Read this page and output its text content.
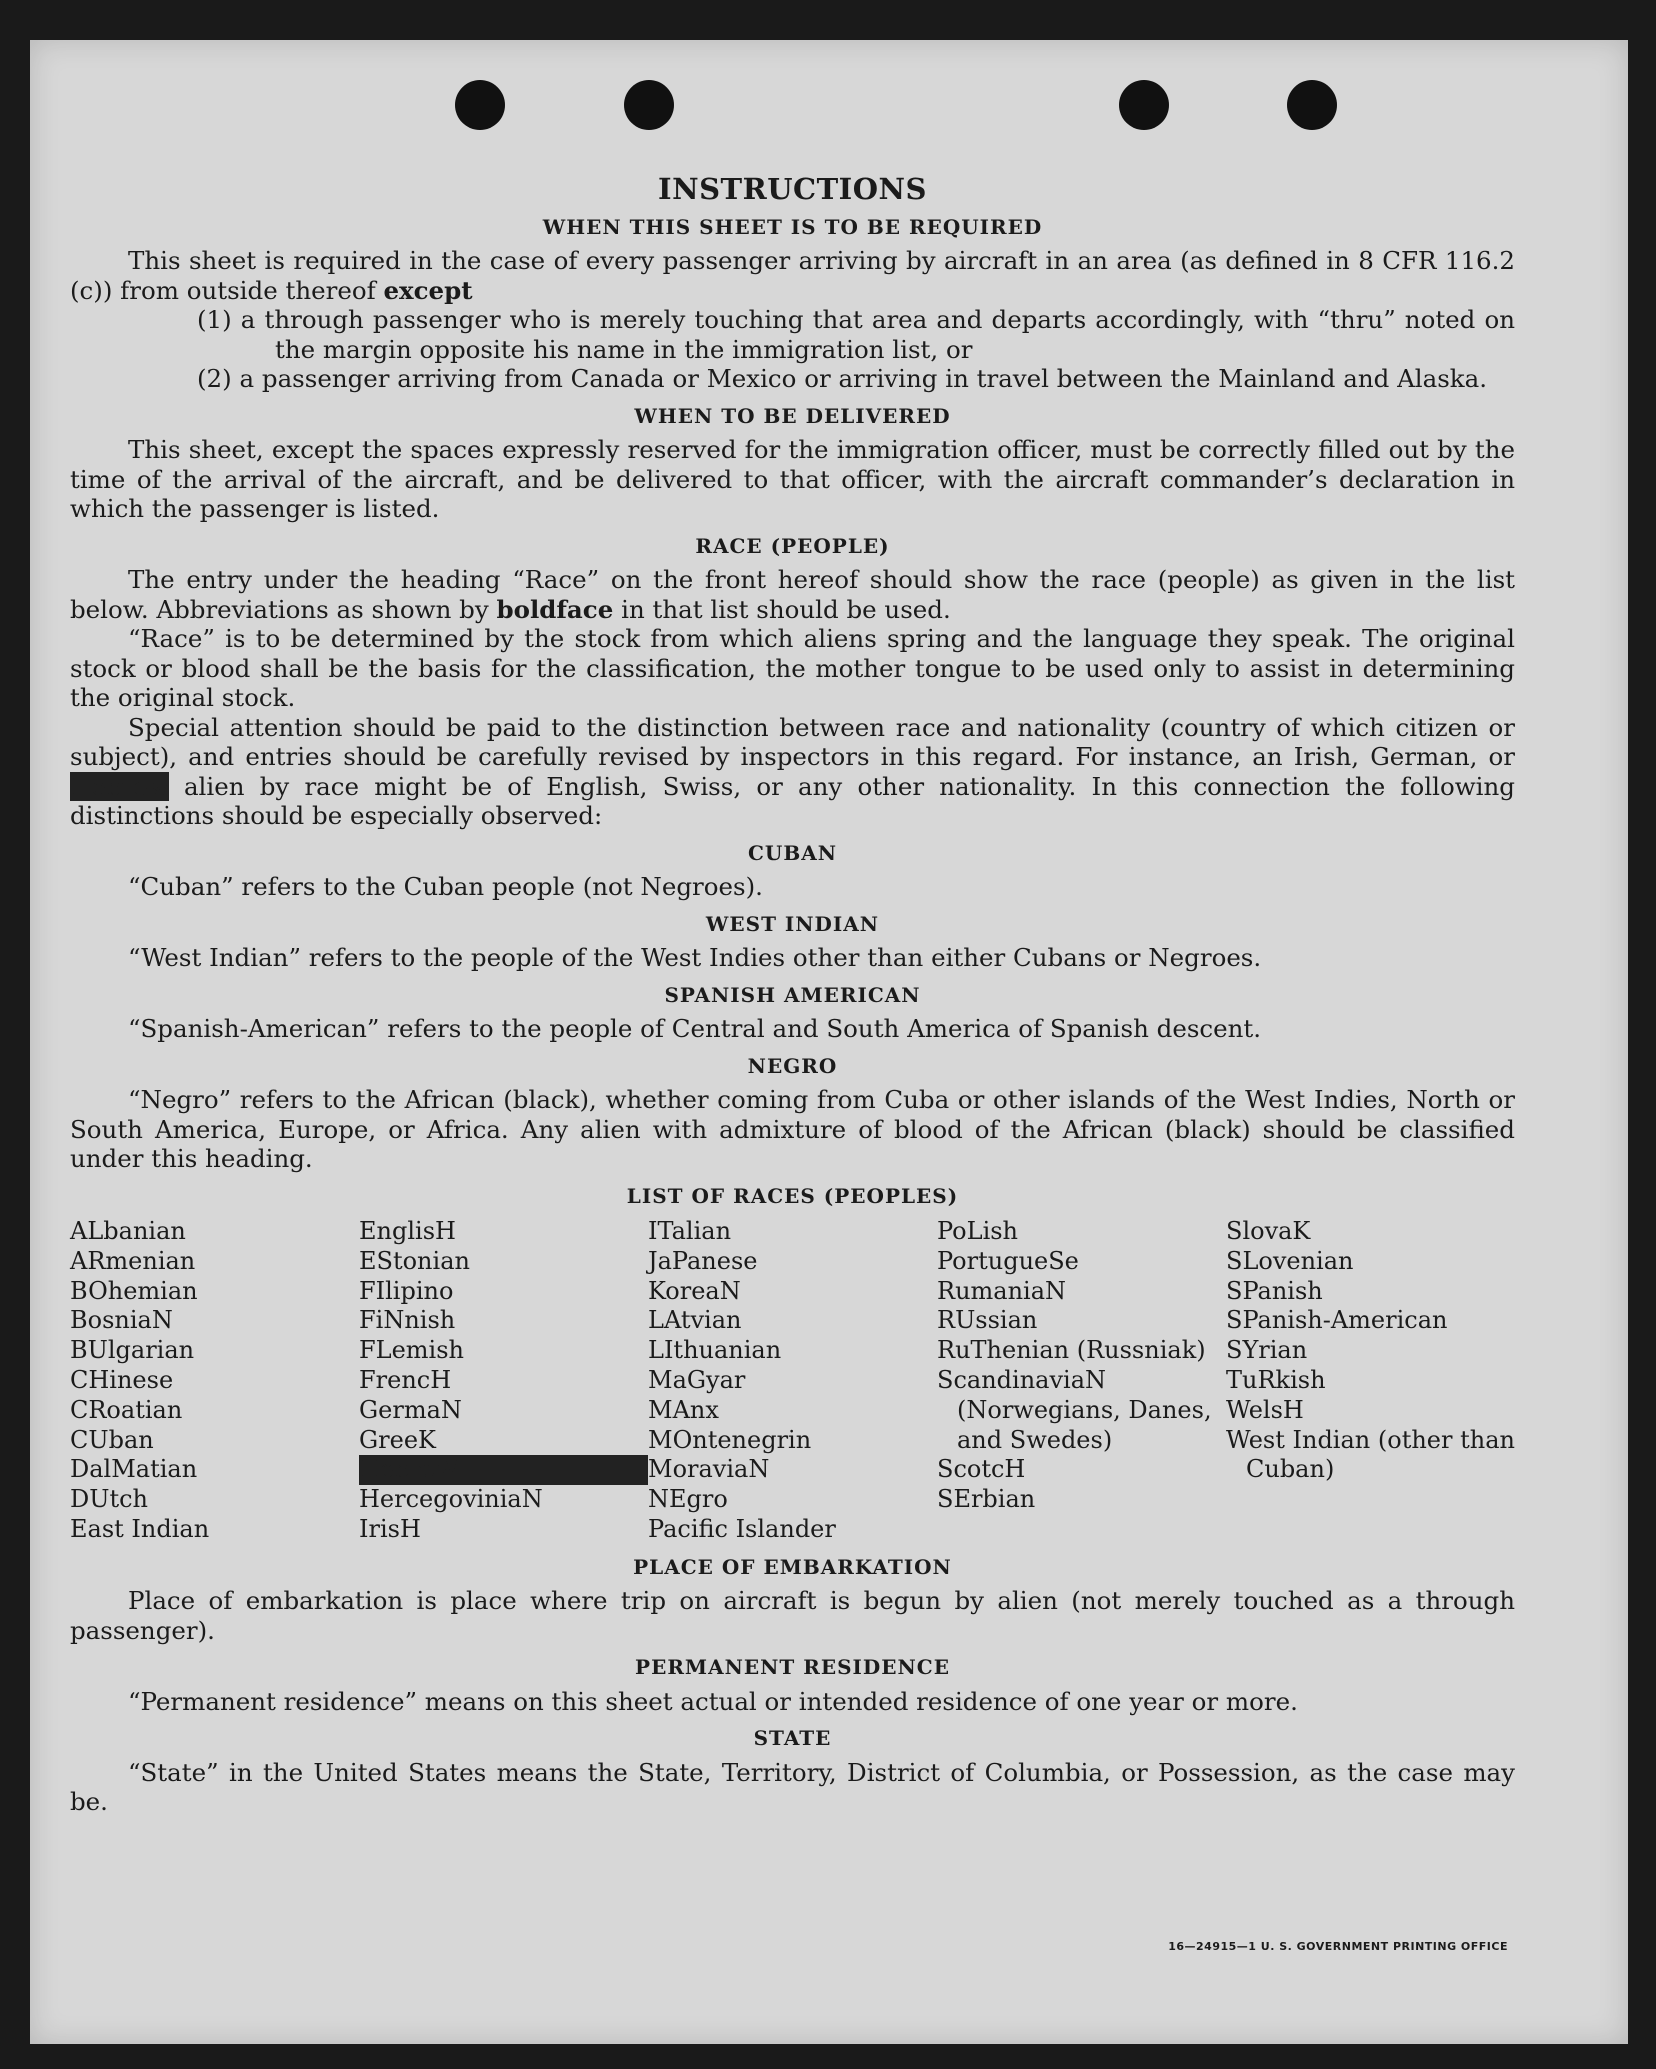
INSTRUCTIONS
WHEN THIS SHEET IS TO BE REQUIRED

This sheet is required in the case of every passenger arriving by aircraft in an area (as defined in 8 CFR 116.2 (c)) from outside thereof except

(1) a through passenger who is merely touching that area and departs accordingly, with “thru” noted on the margin opposite his name in the immigration list, or

(2) a passenger arriving from Canada or Mexico or arriving in travel between the Mainland and Alaska.

WHEN TO BE DELIVERED

This sheet, except the spaces expressly reserved for the immigration officer, must be correctly filled out by the time of the arrival of the aircraft, and be delivered to that officer, with the aircraft commander’s declaration in which the passenger is listed.

RACE (PEOPLE)

The entry under the heading “Race” on the front hereof should show the race (people) as given in the list below. Abbreviations as shown by boldface in that list should be used.

“Race” is to be determined by the stock from which aliens spring and the language they speak. The original stock or blood shall be the basis for the classification, the mother tongue to be used only to assist in determining the original stock.

Special attention should be paid to the distinction between race and nationality (country of which citizen or subject), and entries should be carefully revised by inspectors in this regard. For instance, an Irish, German, or Hebrew alien by race might be of English, Swiss, or any other nationality. In this connection the following distinctions should be especially observed:

CUBAN

“Cuban” refers to the Cuban people (not Negroes).

WEST INDIAN

“West Indian” refers to the people of the West Indies other than either Cubans or Negroes.

SPANISH AMERICAN

“Spanish-American” refers to the people of Central and South America of Spanish descent.

NEGRO

“Negro” refers to the African (black), whether coming from Cuba or other islands of the West Indies, North or South America, Europe, or Africa. Any alien with admixture of blood of the African (black) should be classified under this heading.

LIST OF RACES (PEOPLES)
ALbanian
ARmenian
BOhemian
BosniaN
BUlgarian
CHinese
CRoatian
CUban
DalMatian
DUtch
East Indian
EnglisH
EStonian
FIlipino
FiNnish
FLemish
FrencH
GermaN
GreeK
HebreW
HercegoviniaN
IrisH
ITalian
JaPanese
KoreaN
LAtvian
LIthuanian
MaGyar
MAnx
MOntenegrin
MoraviaN
NEgro
Pacific Islander
PoLish
PortugueSe
RumaniaN
RUssian
RuThenian (Russniak)
ScandinaviaN (Norwegians, Danes, and Swedes)
ScotcH
SErbian
SlovaK
SLovenian
SPanish
SPanish-American
SYrian
TuRkish
WelsH
West Indian (other than Cuban)
PLACE OF EMBARKATION

Place of embarkation is place where trip on aircraft is begun by alien (not merely touched as a through passenger).

PERMANENT RESIDENCE

“Permanent residence” means on this sheet actual or intended residence of one year or more.

STATE

“State” in the United States means the State, Territory, District of Columbia, or Possession, as the case may be.

16—24915—1 U. S. GOVERNMENT PRINTING OFFICE
